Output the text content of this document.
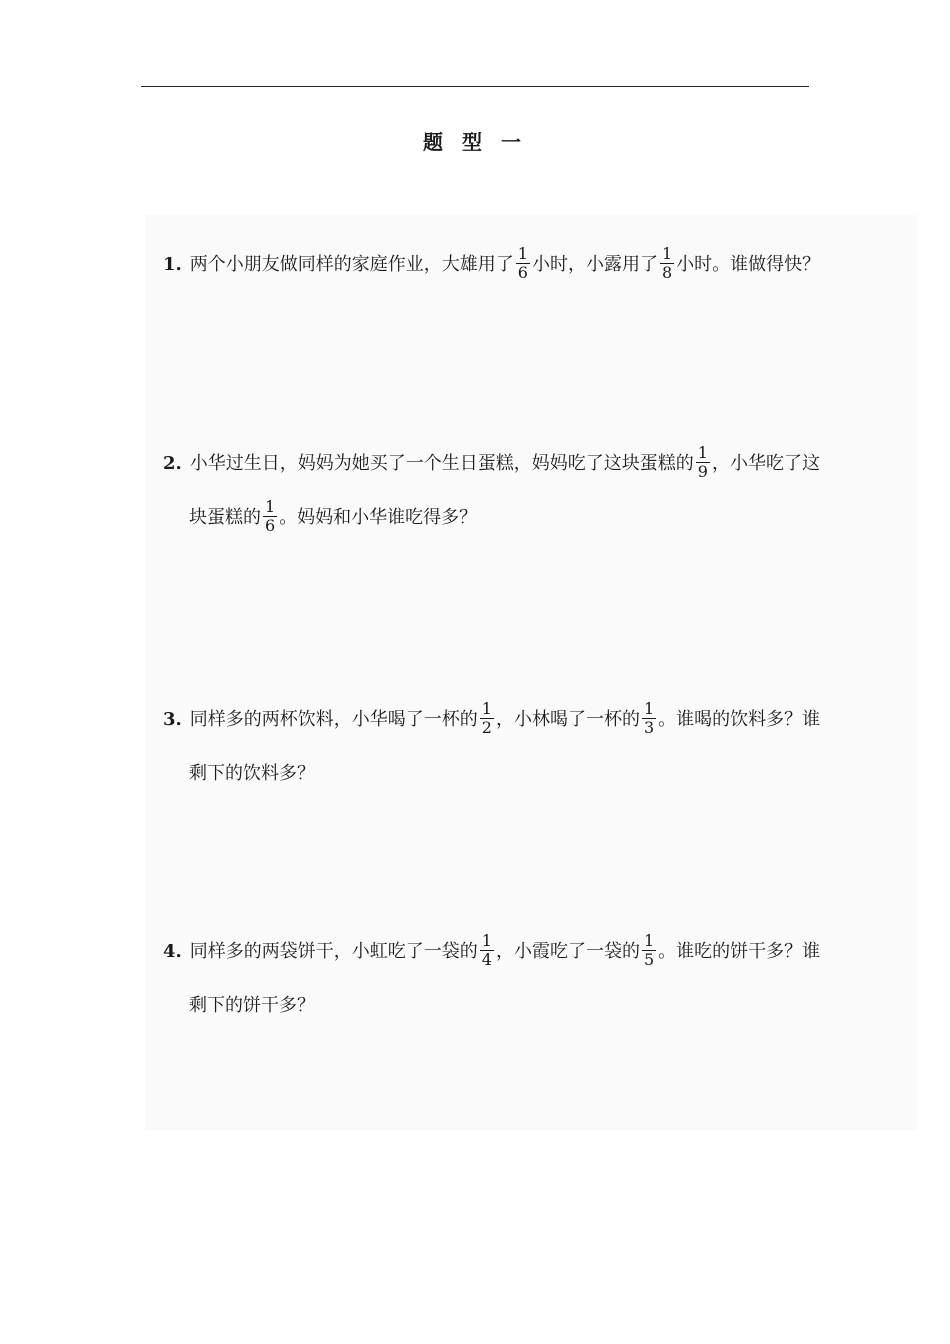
题 型 一
1. 两个小朋友做同样的家庭作业，大雄用了 $\frac{1}{6}$ 小时，小露用了 $\frac{1}{8}$ 小时。谁做得快？
2. 小华过生日，妈妈为她买了一个生日蛋糕，妈妈吃了这块蛋糕的 $\frac{1}{9}$ ，小华吃了这
块蛋糕的 $\frac{1}{6}$ 。妈妈和小华谁吃得多？
3. 同样多的两杯饮料，小华喝了一杯的 $\frac{1}{2}$ ，小林喝了一杯的 $\frac{1}{3}$ 。谁喝的饮料多？谁
剩下的饮料多？
4. 同样多的两袋饼干，小虹吃了一袋的 $\frac{1}{4}$ ，小霞吃了一袋的 $\frac{1}{5}$ 。谁吃的饼干多？谁
剩下的饼干多？
